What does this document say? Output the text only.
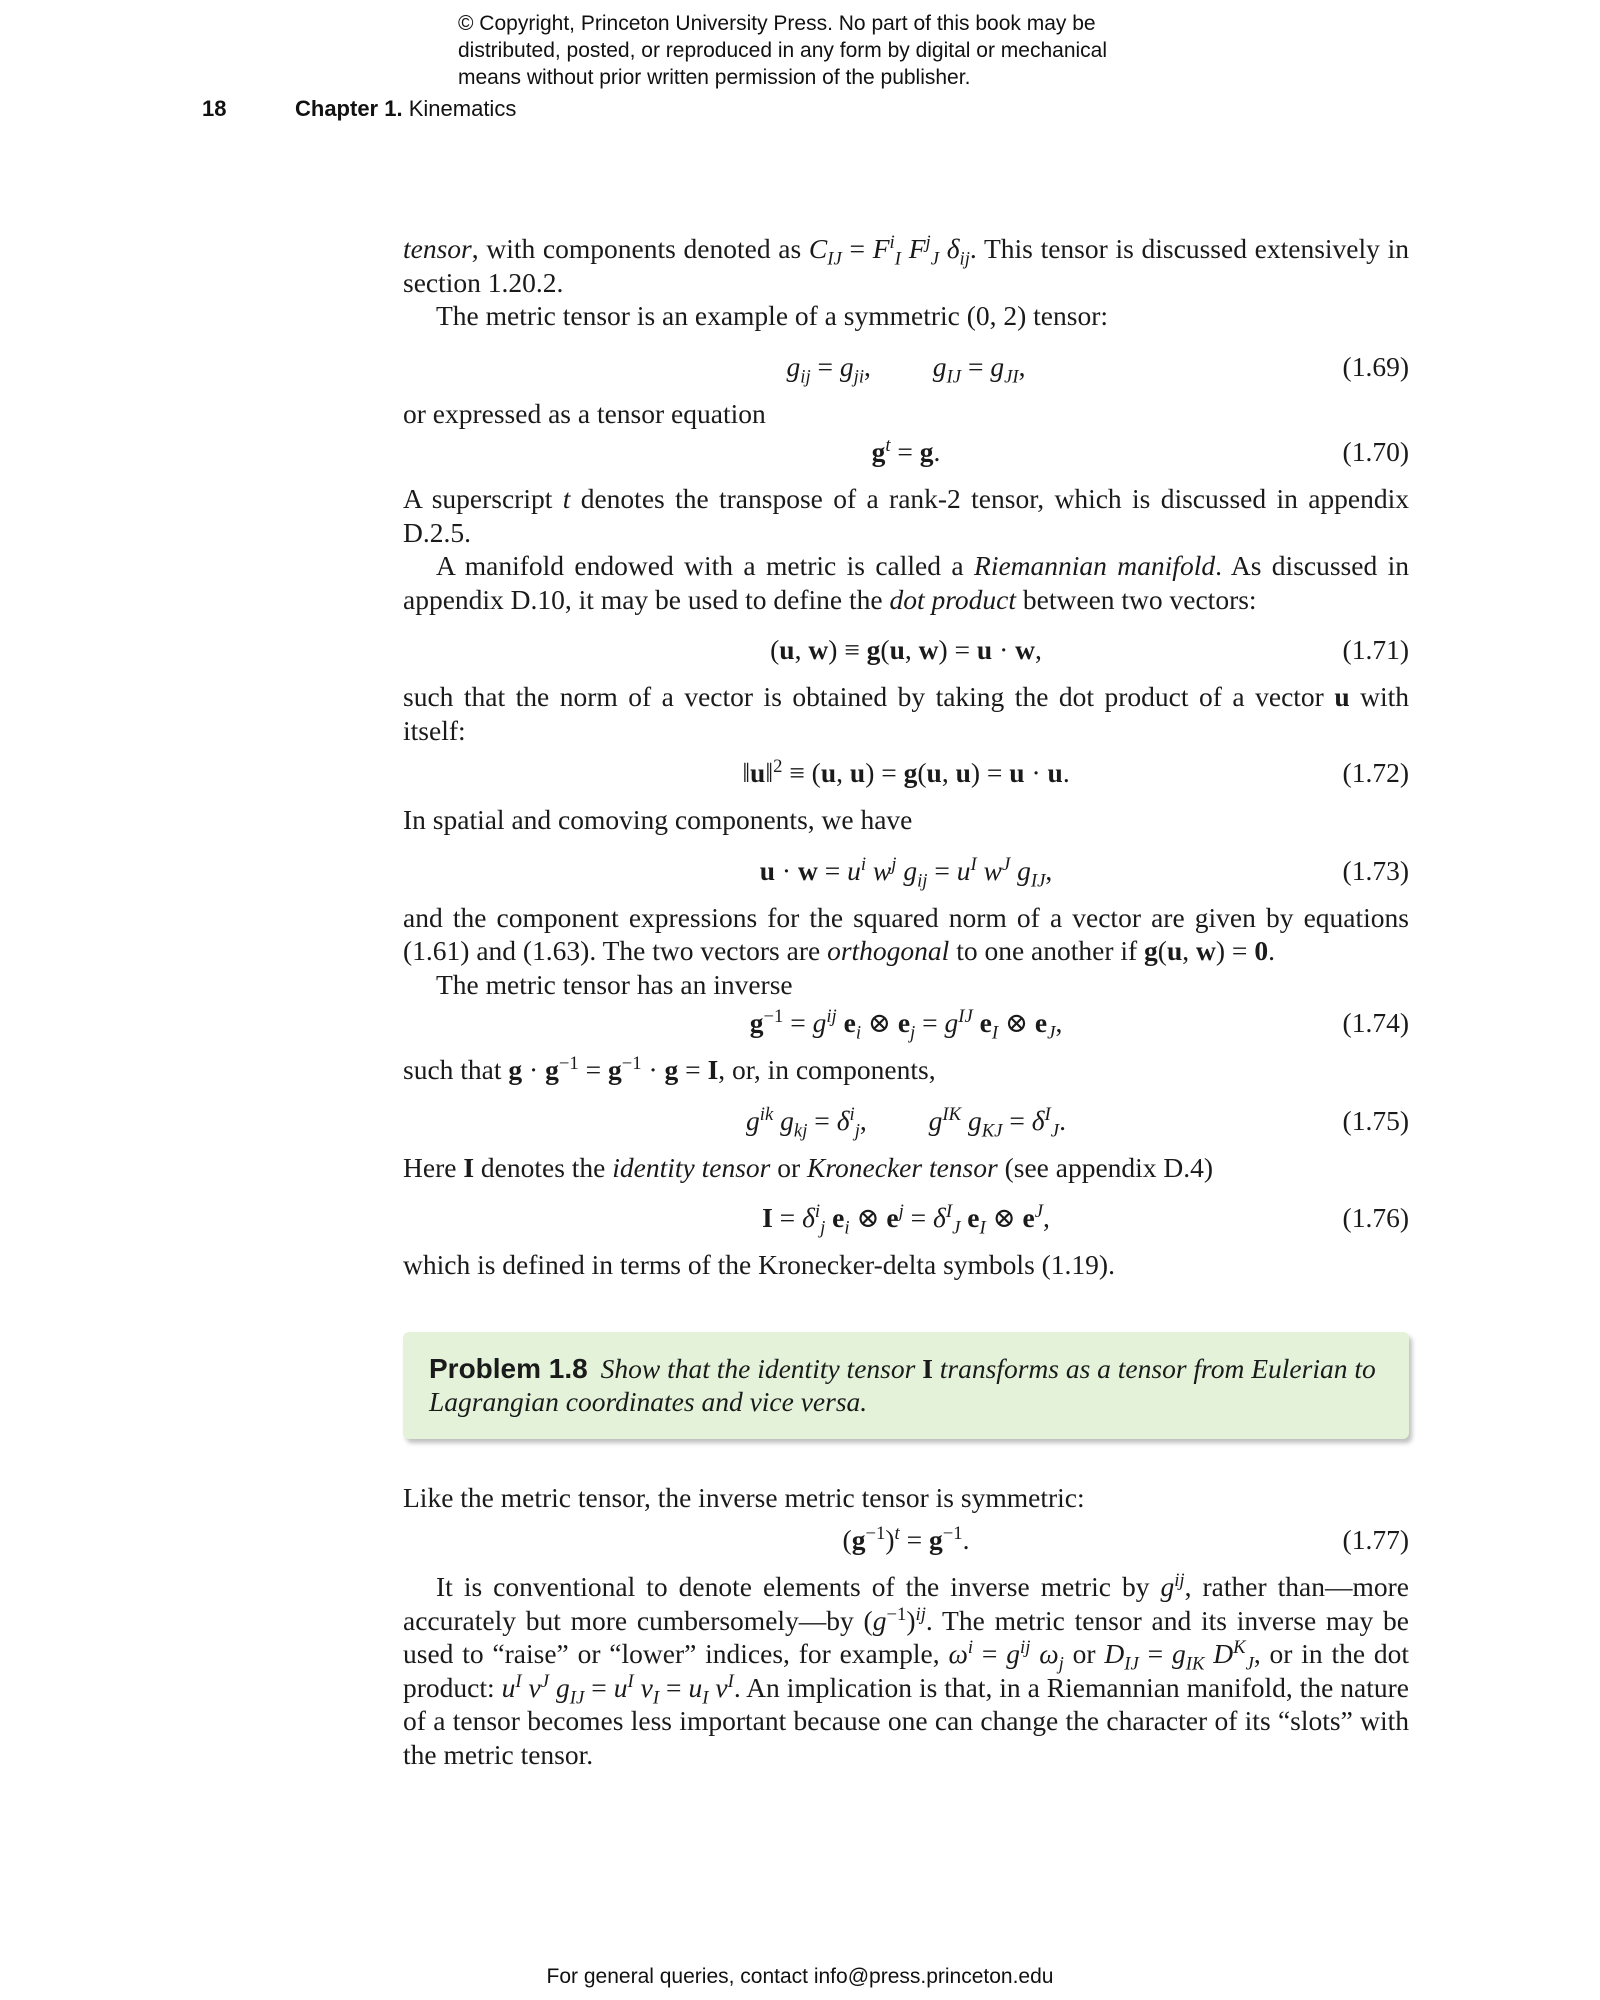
© Copyright, Princeton University Press. No part of this book may be
distributed, posted, or reproduced in any form by digital or mechanical
means without prior written permission of the publisher.
18	Chapter 1. Kinematics

tensor, with components denoted as $C_{IJ} = F^i_I$ $F^j_J$ $\delta_{ij}$. This tensor is discussed extensively in section 1.20.2.

The metric tensor is an example of a symmetric (0, 2) tensor:

$g_{ij} = g_{ji}$,         $g_{IJ} = g_{JI}$,	(1.69)

or expressed as a tensor equation

$g^t = g$.	(1.70)

A superscript t denotes the transpose of a rank-2 tensor, which is discussed in appendix D.2.5.

A manifold endowed with a metric is called a Riemannian manifold. As discussed in appendix D.10, it may be used to define the dot product between two vectors:

(u, w) ≡ g(u, w) = u · w,	(1.71)

such that the norm of a vector is obtained by taking the dot product of a vector u with itself:

‖u‖$^2$ ≡ (u, u) = g(u, u) = u · u.	(1.72)

In spatial and comoving components, we have

$u \cdot w = u^i$ $w^j$ $g_{ij} = u^I$ $w^J$ $g_{IJ}$,	(1.73)

and the component expressions for the squared norm of a vector are given by equations (1.61) and (1.63). The two vectors are orthogonal to one another if g(u, w) = 0.

The metric tensor has an inverse

$g^{-1} = g^{ij}$ $e_i$ ⊗ $e_j = g^{IJ}$ $e_I$ ⊗ $e_J$,	(1.74)

such that $g \cdot g^{-1} = g^{-1} \cdot g = I$, or, in components,

$g^{ik}$ $g_{kj} = \delta^i_j$,         $g^{IK}$ $g_{KJ} = \delta^I_J$.	(1.75)

Here I denotes the identity tensor or Kronecker tensor (see appendix D.4)

$I = \delta^i_j$ $e_i$ ⊗ $e^j = \delta^I_J$ $e_I$ ⊗ $e^J$,	(1.76)

which is defined in terms of the Kronecker-delta symbols (1.19).

Problem 1.8 Show that the identity tensor I transforms as a tensor from Eulerian to Lagrangian coordinates and vice versa.

Like the metric tensor, the inverse metric tensor is symmetric:

$(g^{-1})^t = g^{-1}$.	(1.77)

It is conventional to denote elements of the inverse metric by $g^{ij}$, rather than—more accurately but more cumbersomely—by $(g^{-1})^{ij}$. The metric tensor and its inverse may be used to “raise” or “lower” indices, for example, $\omega^i = g^{ij}$ $\omega_j$ or $D_{IJ} = g_{IK}$ $D^K_J$, or in the dot product: $u^I$ $v^J$ $g_{IJ} = u^I$ $v_I = u_I$ $v^I$. An implication is that, in a Riemannian manifold, the nature of a tensor becomes less important because one can change the character of its “slots” with the metric tensor.

For general queries, contact info@press.princeton.edu
